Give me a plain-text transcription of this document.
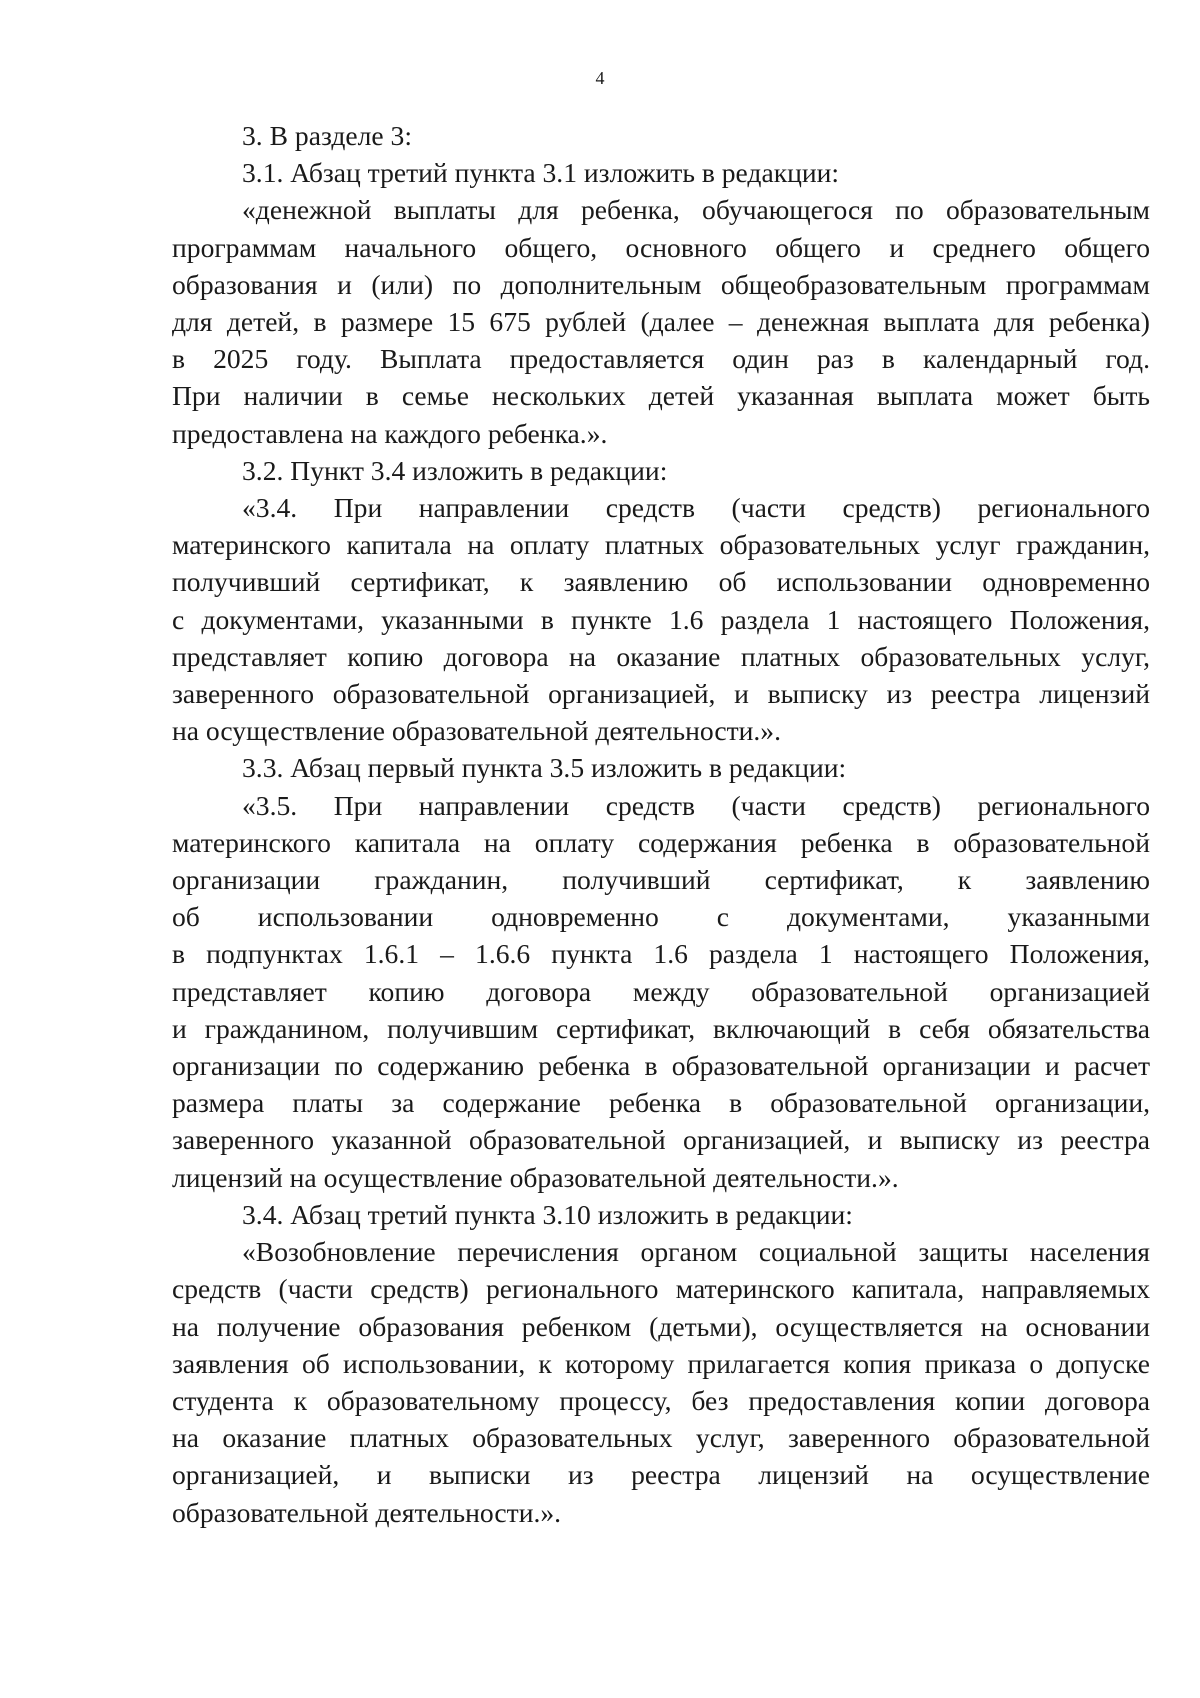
4
3. В разделе 3:
3.1. Абзац третий пункта 3.1 изложить в редакции:
«денежной выплаты для ребенка, обучающегося по образовательным
программам начального общего, основного общего и среднего общего
образования и (или) по дополнительным общеобразовательным программам
для детей, в размере 15 675 рублей (далее – денежная выплата для ребенка)
в 2025 году. Выплата предоставляется один раз в календарный год.
При наличии в семье нескольких детей указанная выплата может быть
предоставлена на каждого ребенка.».
3.2. Пункт 3.4 изложить в редакции:
«3.4. При направлении средств (части средств) регионального
материнского капитала на оплату платных образовательных услуг гражданин,
получивший сертификат, к заявлению об использовании одновременно
с документами, указанными в пункте 1.6 раздела 1 настоящего Положения,
представляет копию договора на оказание платных образовательных услуг,
заверенного образовательной организацией, и выписку из реестра лицензий
на осуществление образовательной деятельности.».
3.3. Абзац первый пункта 3.5 изложить в редакции:
«3.5. При направлении средств (части средств) регионального
материнского капитала на оплату содержания ребенка в образовательной
организации гражданин, получивший сертификат, к заявлению
об использовании одновременно с документами, указанными
в подпунктах 1.6.1 – 1.6.6 пункта 1.6 раздела 1 настоящего Положения,
представляет копию договора между образовательной организацией
и гражданином, получившим сертификат, включающий в себя обязательства
организации по содержанию ребенка в образовательной организации и расчет
размера платы за содержание ребенка в образовательной организации,
заверенного указанной образовательной организацией, и выписку из реестра
лицензий на осуществление образовательной деятельности.».
3.4. Абзац третий пункта 3.10 изложить в редакции:
«Возобновление перечисления органом социальной защиты населения
средств (части средств) регионального материнского капитала, направляемых
на получение образования ребенком (детьми), осуществляется на основании
заявления об использовании, к которому прилагается копия приказа о допуске
студента к образовательному процессу, без предоставления копии договора
на оказание платных образовательных услуг, заверенного образовательной
организацией, и выписки из реестра лицензий на осуществление
образовательной деятельности.».
